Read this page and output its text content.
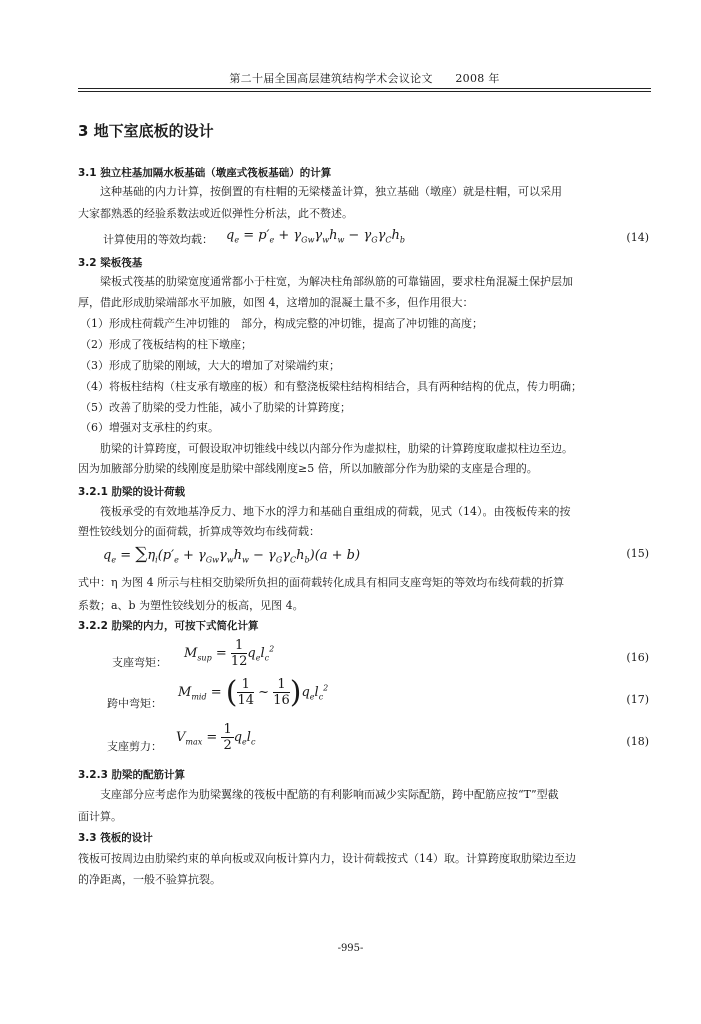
第二十届全国高层建筑结构学术会议论文　　2008 年
3 地下室底板的设计
3.1 独立柱基加隔水板基础（墩座式筏板基础）的计算
这种基础的内力计算，按倒置的有柱帽的无梁楼盖计算，独立基础（墩座）就是柱帽，可以采用
大家都熟悉的经验系数法或近似弹性分析法，此不赘述。
计算使用的等效均载： $q_e = p'_e + \gamma_{Gw}\gamma_wh_w - \gamma_G\gamma_Ch_b$	(14)
3.2 梁板筏基
梁板式筏基的肋梁宽度通常都小于柱宽，为解决柱角部纵筋的可靠锚固，要求柱角混凝土保护层加
厚，借此形成肋梁端部水平加腋，如图 4，这增加的混凝土量不多，但作用很大：
（1）形成柱荷载产生冲切锥的　部分，构成完整的冲切锥，提高了冲切锥的高度；
（2）形成了筏板结构的柱下墩座；
（3）形成了肋梁的刚域，大大的增加了对梁端约束；
（4）将板柱结构（柱支承有墩座的板）和有整浇板梁柱结构相结合，具有两种结构的优点，传力明确；
（5）改善了肋梁的受力性能，减小了肋梁的计算跨度；
（6）增强对支承柱的约束。
肋梁的计算跨度，可假设取冲切锥线中线以内部分作为虚拟柱，肋梁的计算跨度取虚拟柱边至边。
因为加腋部分肋梁的线刚度是肋梁中部线刚度≥5 倍，所以加腋部分作为肋梁的支座是合理的。
3.2.1 肋梁的设计荷载
筏板承受的有效地基净反力、地下水的浮力和基础自重组成的荷载，见式（14）。由筏板传来的按
塑性铰线划分的面荷载，折算成等效均布线荷载：
$q_e = \sum\eta_i(p'_e + \gamma_{Gw}\gamma_wh_w - \gamma_G\gamma_Ch_b)(a + b)$	(15)
式中：η 为图 4 所示与柱相交肋梁所负担的面荷载转化成具有相同支座弯矩的等效均布线荷载的折算
系数；a、b 为塑性铰线划分的板高，见图 4。
3.2.2 肋梁的内力，可按下式简化计算
支座弯矩：
$M_{sup} = \frac{1}{12} q_el_c^2$
(16)
跨中弯矩：
$M_{mid}$ = ( $\frac{1}{14}$ ~ $\frac{1}{16} )q_el_c^2$
(17)
支座剪力：
$V_{max} = \frac{1}{2} q_el_c$	(18)
3.2.3 肋梁的配筋计算
支座部分应考虑作为肋梁翼缘的筏板中配筋的有利影响而减少实际配筋，跨中配筋应按“T”型截
面计算。
3.3 筏板的设计
筏板可按周边由肋梁约束的单向板或双向板计算内力，设计荷载按式（14）取。计算跨度取肋梁边至边
的净距离，一般不验算抗裂。
-995-
